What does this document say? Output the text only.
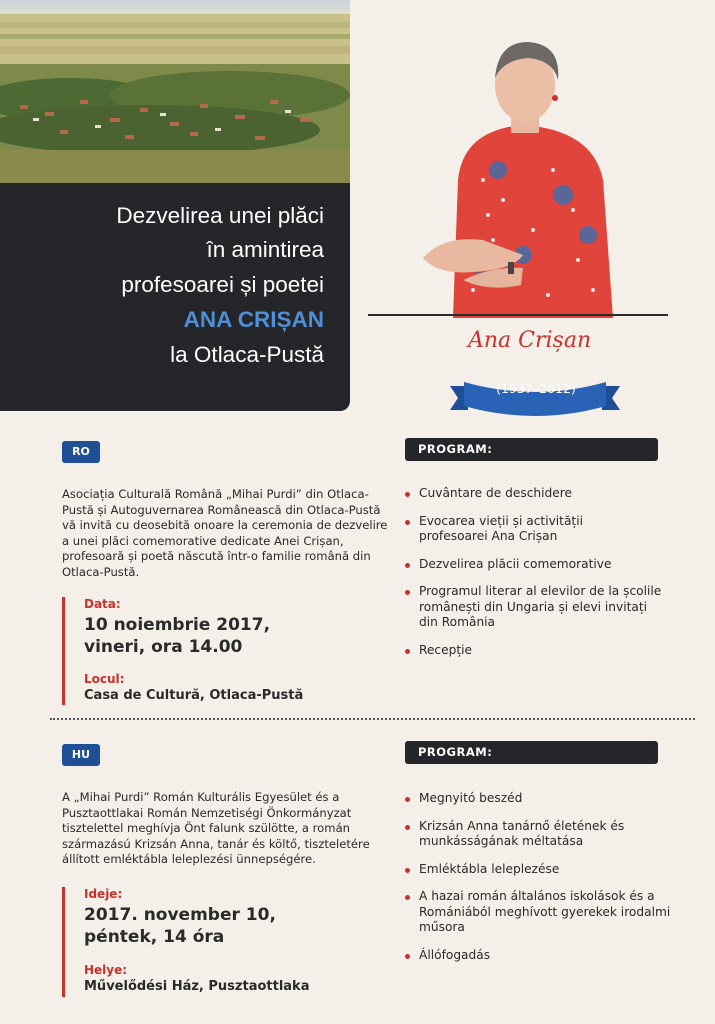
Dezvelirea unei plăci
în amintirea
profesoarei și poetei
ANA CRIȘAN
la Otlaca-Pustă
Ana Crișan
(1937–2012)
RO	PROGRAM:
Asociația Culturală Română „Mihai Purdi” din Otlaca-Pustă și Autoguvernarea Românească din Otlaca-Pustă vă invită cu deosebită onoare la ceremonia de dezvelire a unei plăci comemorative dedicate Anei Crișan, profesoară și poetă născută într-o familie română din Otlaca-Pustă.
Data:
10 noiembrie 2017,
vineri, ora 14.00
Locul:
Casa de Cultură, Otlaca-Pustă
Cuvântare de deschidere
Evocarea vieții și activității profesoarei Ana Crișan
Dezvelirea plăcii comemorative
Programul literar al elevilor de la școlile românești din Ungaria și elevi invitați din România
Recepție
HU	PROGRAM:
A „Mihai Purdi” Román Kulturális Egyesület és a Pusztaottlakai Román Nemzetiségi Önkormányzat tisztelettel meghívja Önt falunk szülötte, a román származású Krizsán Anna, tanár és költő, tiszteletére állított emléktábla leleplezési ünnepségére.
Ideje:
2017. november 10,
péntek, 14 óra
Helye:
Művelődési Ház, Pusztaottlaka
Megnyitó beszéd
Krizsán Anna tanárnő életének és munkásságának méltatása
Emléktábla leleplezése
A hazai román általános iskolások és a Romániából meghívott gyerekek irodalmi műsora
Állófogadás
